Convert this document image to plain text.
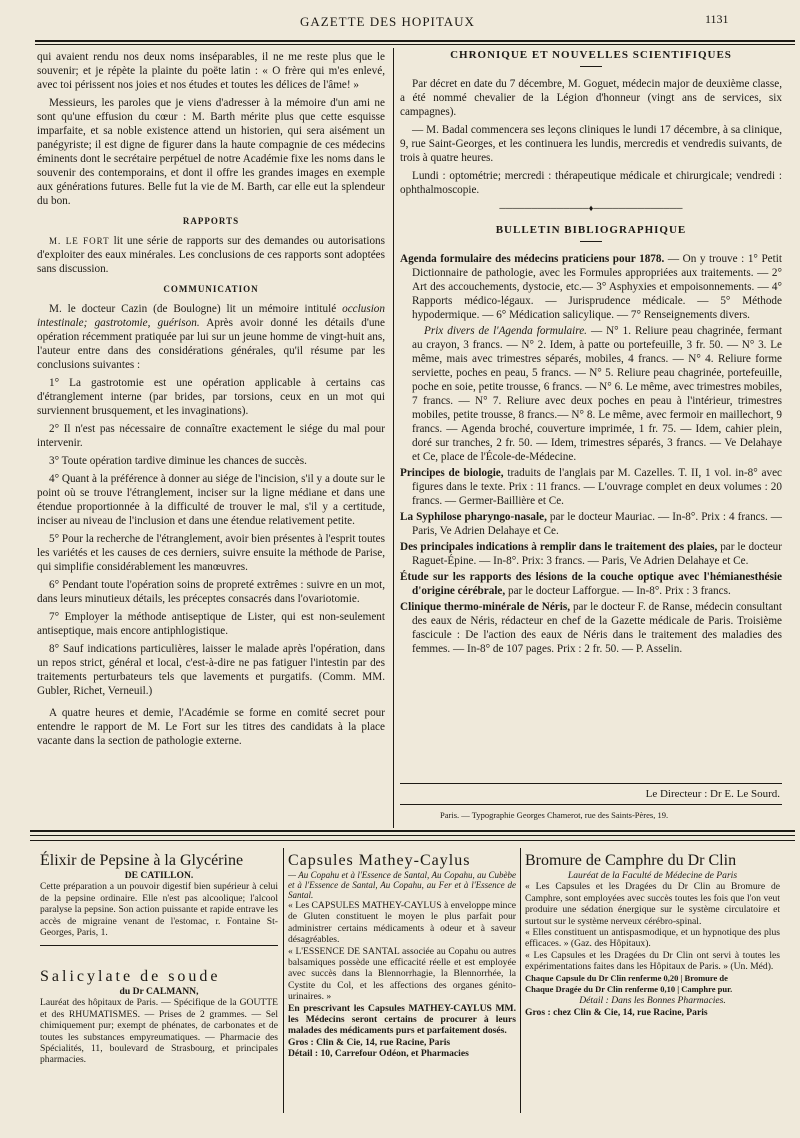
GAZETTE DES HOPITAUX	1131

qui avaient rendu nos deux noms inséparables, il ne me reste plus que le souvenir; et je répète la plainte du poëte latin : « O frère qui m'es enlevé, avec toi périssent nos joies et nos études et toutes les délices de l'âme! »

Messieurs, les paroles que je viens d'adresser à la mémoire d'un ami ne sont qu'une effusion du cœur : M. Barth mérite plus que cette esquisse imparfaite, et sa noble existence attend un historien, qui sera aisément un panégyriste; il est digne de figurer dans la haute compagnie de ces médecins éminents dont le secrétaire perpétuel de notre Académie fixe les noms dans le souvenir des contemporains, et dont il offre les grandes images en exemple aux générations futures. Belle fut la vie de M. Barth, car elle eut la splendeur du bon.

RAPPORTS

M. LE FORT lit une série de rapports sur des demandes ou autorisations d'exploiter des eaux minérales. Les conclusions de ces rapports sont adoptées sans discussion.

COMMUNICATION

M. le docteur Cazin (de Boulogne) lit un mémoire intitulé occlusion intestinale; gastrotomie, guérison. Après avoir donné les détails d'une opération récemment pratiquée par lui sur un jeune homme de vingt-huit ans, l'auteur entre dans des considérations générales, qu'il résume par les conclusions suivantes :

1° La gastrotomie est une opération applicable à certains cas d'étranglement interne (par brides, par torsions, ceux en un mot qui surviennent brusquement, et les invaginations).

2° Il n'est pas nécessaire de connaître exactement le siége du mal pour intervenir.

3° Toute opération tardive diminue les chances de succès.

4° Quant à la préférence à donner au siége de l'incision, s'il y a doute sur le point où se trouve l'étranglement, inciser sur la ligne médiane et dans une étendue proportionnée à la difficulté de trouver le mal, s'il y a certitude, inciser au niveau de l'inclusion et dans une étendue relativement petite.

5° Pour la recherche de l'étranglement, avoir bien présentes à l'esprit toutes les variétés et les causes de ces derniers, suivre ensuite la méthode de Parise, qui simplifie considérablement les manœuvres.

6° Pendant toute l'opération soins de propreté extrêmes : suivre en un mot, dans leurs minutieux détails, les préceptes consacrés dans l'ovariotomie.

7° Employer la méthode antiseptique de Lister, qui est non-seulement antiseptique, mais encore antiphlogistique.

8° Sauf indications particulières, laisser le malade après l'opération, dans un repos strict, général et local, c'est-à-dire ne pas fatiguer l'intestin par des traitements perturbateurs tels que lavements et purgatifs. (Comm. MM. Gubler, Richet, Verneuil.)

A quatre heures et demie, l'Académie se forme en comité secret pour entendre le rapport de M. Le Fort sur les titres des candidats à la place vacante dans la section de pathologie externe.

CHRONIQUE ET NOUVELLES SCIENTIFIQUES

Par décret en date du 7 décembre, M. Goguet, médecin major de deuxième classe, a été nommé chevalier de la Légion d'honneur (vingt ans de services, six campagnes).

— M. Badal commencera ses leçons cliniques le lundi 17 décembre, à sa clinique, 9, rue Saint-Georges, et les continuera les lundis, mercredis et vendredis suivants, de trois à quatre heures.

Lundi : optométrie; mercredi : thérapeutique médicale et chirurgicale; vendredi : ophthalmoscopie.

──────────────♦──────────────
BULLETIN BIBLIOGRAPHIQUE

Agenda formulaire des médecins praticiens pour 1878. — On y trouve : 1° Petit Dictionnaire de pathologie, avec les Formules appropriées aux traitements. — 2° Art des accouchements, dystocie, etc.— 3° Asphyxies et empoisonnements. — 4° Rapports médico-légaux. — Jurisprudence médicale. — 5° Méthode hypodermique. — 6° Médication salicylique. — 7° Renseignements divers.

Prix divers de l'Agenda formulaire. — N° 1. Reliure peau chagrinée, fermant au crayon, 3 francs. — N° 2. Idem, à patte ou portefeuille, 3 fr. 50. — N° 3. Le même, mais avec trimestres séparés, mobiles, 4 francs. — N° 4. Reliure forme serviette, poches en peau, 5 francs. — N° 5. Reliure peau chagrinée, portefeuille, poche en soie, petite trousse, 6 francs. — N° 6. Le même, avec trimestres mobiles, 7 francs. — N° 7. Reliure avec deux poches en peau à l'intérieur, trimestres mobiles, petite trousse, 8 francs.— N° 8. Le même, avec fermoir en maillechort, 9 francs. — Agenda broché, couverture imprimée, 1 fr. 75. — Idem, cahier plein, doré sur tranches, 2 fr. 50. — Idem, trimestres séparés, 3 francs. — Ve Delahaye et Ce, place de l'École-de-Médecine.

Principes de biologie, traduits de l'anglais par M. Cazelles. T. II, 1 vol. in-8° avec figures dans le texte. Prix : 11 francs. — L'ouvrage complet en deux volumes : 20 francs. — Germer-Baillière et Ce.

La Syphilose pharyngo-nasale, par le docteur Mauriac. — In-8°. Prix : 4 francs. — Paris, Ve Adrien Delahaye et Ce.

Des principales indications à remplir dans le traitement des plaies, par le docteur Raguet-Épine. — In-8°. Prix: 3 francs. — Paris, Ve Adrien Delahaye et Ce.

Étude sur les rapports des lésions de la couche optique avec l'hémianesthésie d'origine cérébrale, par le docteur Lafforgue. — In-8°. Prix : 3 francs.

Clinique thermo-minérale de Néris, par le docteur F. de Ranse, médecin consultant des eaux de Néris, rédacteur en chef de la Gazette médicale de Paris. Troisième fascicule : De l'action des eaux de Néris dans le traitement des maladies des femmes. — In-8° de 107 pages. Prix : 2 fr. 50. — P. Asselin.

Le Directeur : Dr E. Le Sourd.
Paris. — Typographie Georges Chamerot, rue des Saints-Pères, 19.
Élixir de Pepsine à la Glycérine
DE CATILLON.
Cette préparation a un pouvoir digestif bien supérieur à celui de la pepsine ordinaire. Elle n'est pas alcoolique; l'alcool paralyse la pepsine. Son action puissante et rapide entrave les accès de migraine venant de l'estomac, r. Fontaine St-Georges, Paris, 1.
Salicylate de soude
du Dr CALMANN,
Lauréat des hôpitaux de Paris. — Spécifique de la GOUTTE et des RHUMATISMES. — Prises de 2 grammes. — Sel chimiquement pur; exempt de phénates, de carbonates et de toutes les substances empyreumatiques. — Pharmacie des Spécialités, 11, boulevard de Strasbourg, et principales pharmacies.
Capsules Mathey-Caylus
— Au Copahu et à l'Essence de Santal, Au Copahu, au Cubèbe et à l'Essence de Santal, Au Copahu, au Fer et à l'Essence de Santal.
« Les CAPSULES MATHEY-CAYLUS à enveloppe mince de Gluten constituent le moyen le plus parfait pour administrer certains médicaments à odeur et à saveur désagréables.
« L'ESSENCE DE SANTAL associée au Copahu ou autres balsamiques possède une efficacité réelle et est employée avec succès dans la Blennorrhagie, la Blennorrhée, la Cystite du Col, et les affections des organes génito-urinaires. »
En prescrivant les Capsules MATHEY-CAYLUS MM. les Médecins seront certains de procurer à leurs malades des médicaments purs et parfaitement dosés.
Gros : Clin & Cie, 14, rue Racine, Paris
Détail : 10, Carrefour Odéon, et Pharmacies
Bromure de Camphre du Dr Clin
Lauréat de la Faculté de Médecine de Paris
« Les Capsules et les Dragées du Dr Clin au Bromure de Camphre, sont employées avec succès toutes les fois que l'on veut produire une sédation énergique sur le système circulatoire et surtout sur le système nerveux cérébro-spinal.
« Elles constituent un antispasmodique, et un hypnotique des plus efficaces. » (Gaz. des Hôpitaux).
« Les Capsules et les Dragées du Dr Clin ont servi à toutes les expérimentations faites dans les Hôpitaux de Paris. » (Un. Méd).
Chaque Capsule du Dr Clin renferme 0,20 | Bromure de
Chaque Dragée du Dr Clin renferme 0,10 | Camphre pur.
Détail : Dans les Bonnes Pharmacies.
Gros : chez Clin & Cie, 14, rue Racine, Paris
